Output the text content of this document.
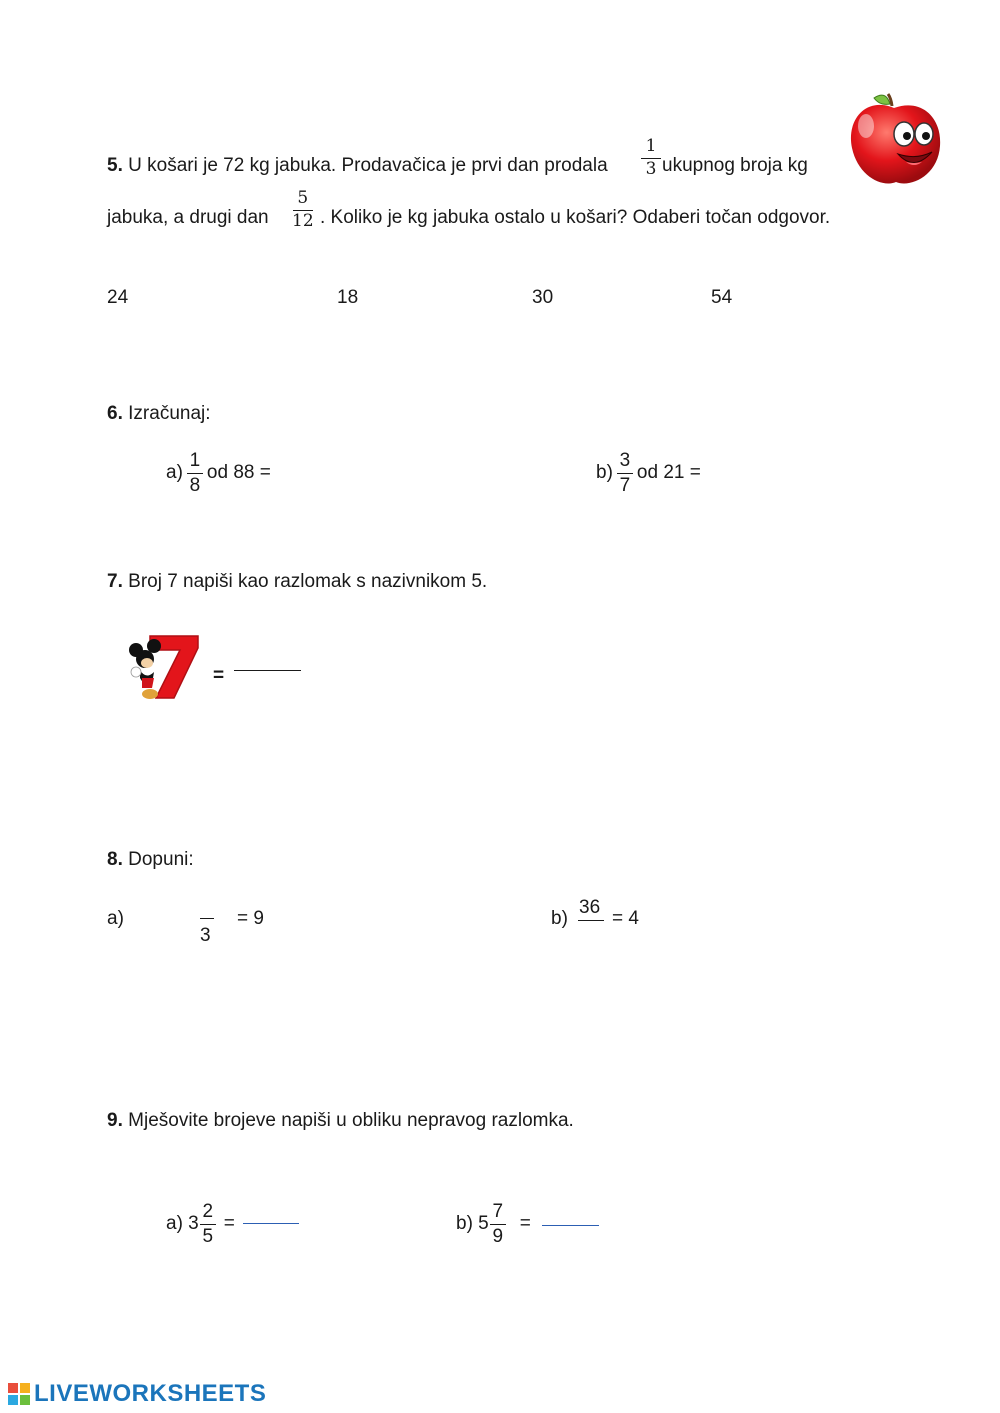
5. U košari je 72 kg jabuka. Prodavačica je prvi dan prodala $\frac{1}{3}$ ukupnog broja kg
jabuka, a drugi dan $\frac{5}{12}$ . Koliko je kg jabuka ostalo u košari? Odaberi točan odgovor.
24	18	30	54
6. Izračunaj:
$a) \frac{1}{8}$ od 88 =	$b) \frac{3}{7}$ od 21 =
7. Broj 7 napiši kao razlomak s nazivnikom 5.
=
8. Dopuni:
a)
3
= 9	b)
36
= 4
9. Mješovite brojeve napiši u obliku nepravog razlomka.
a) $3 \frac{2}{5}$ =	b) $5 \frac{7}{9}$ =
LIVEWORKSHEETS
